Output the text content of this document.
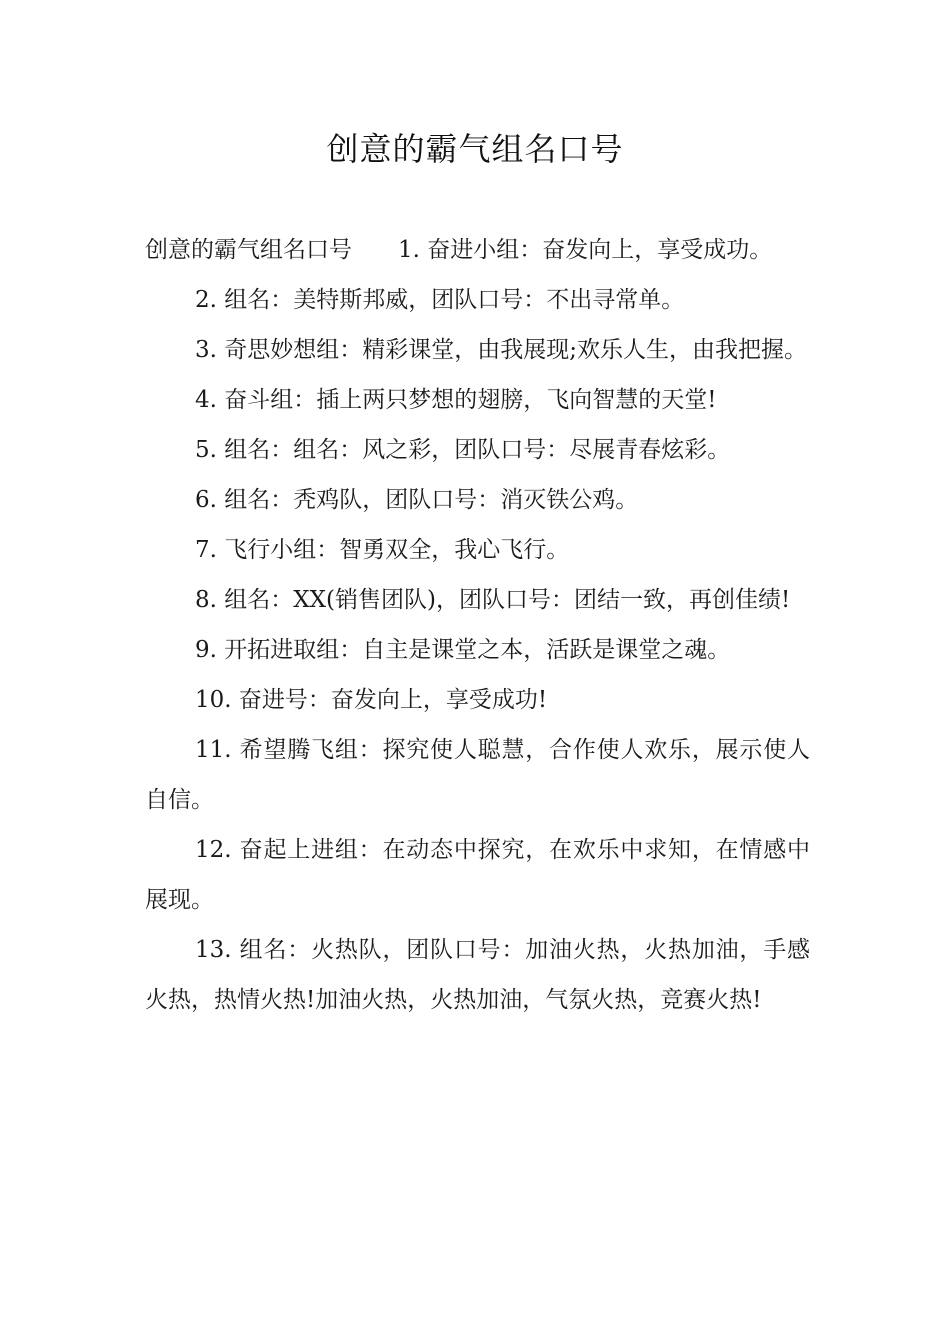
创意的霸气组名口号

创意的霸气组名口号　　1. 奋进小组：奋发向上，享受成功。

2. 组名：美特斯邦威，团队口号：不出寻常单。

3. 奇思妙想组：精彩课堂，由我展现;欢乐人生，由我把握。

4. 奋斗组：插上两只梦想的翅膀，飞向智慧的天堂!

5. 组名：组名：风之彩，团队口号：尽展青春炫彩。

6. 组名：秃鸡队，团队口号：消灭铁公鸡。

7. 飞行小组：智勇双全，我心飞行。

8. 组名：XX(销售团队)，团队口号：团结一致，再创佳绩!

9. 开拓进取组：自主是课堂之本，活跃是课堂之魂。

10. 奋进号：奋发向上，享受成功!

11. 希望腾飞组：探究使人聪慧，合作使人欢乐，展示使人自信。

12. 奋起上进组：在动态中探究，在欢乐中求知，在情感中展现。

13. 组名：火热队，团队口号：加油火热，火热加油，手感火热，热情火热!加油火热，火热加油，气氛火热，竞赛火热!
